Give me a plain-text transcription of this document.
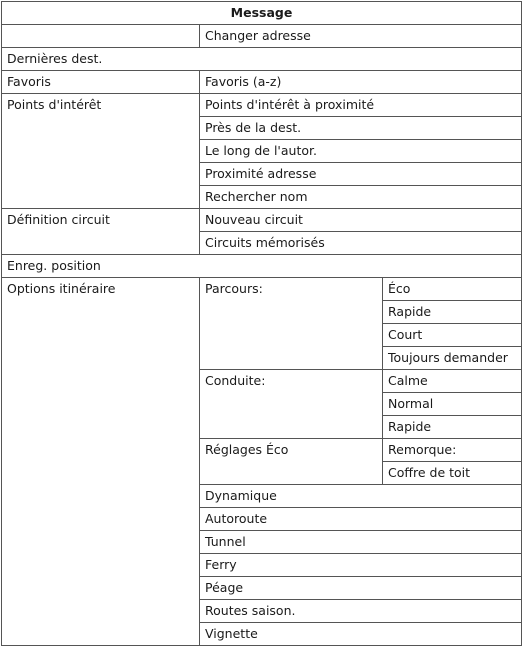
Message		
	Changer adresse	
Dernières dest.		
Favoris	Favoris (a-z)	
Points d'intérêt	Points d'intérêt à proximité	
	Près de la dest.	
	Le long de l'autor.	
	Proximité adresse	
	Rechercher nom	
Définition circuit	Nouveau circuit	
	Circuits mémorisés	
Enreg. position		
Options itinéraire	Parcours:	Éco
		Rapide
		Court
		Toujours demander
	Conduite:	Calme
		Normal
		Rapide
	Réglages Éco	Remorque:
		Coffre de toit
	Dynamique	
	Autoroute	
	Tunnel	
	Ferry	
	Péage	
	Routes saison.	
	Vignette	
